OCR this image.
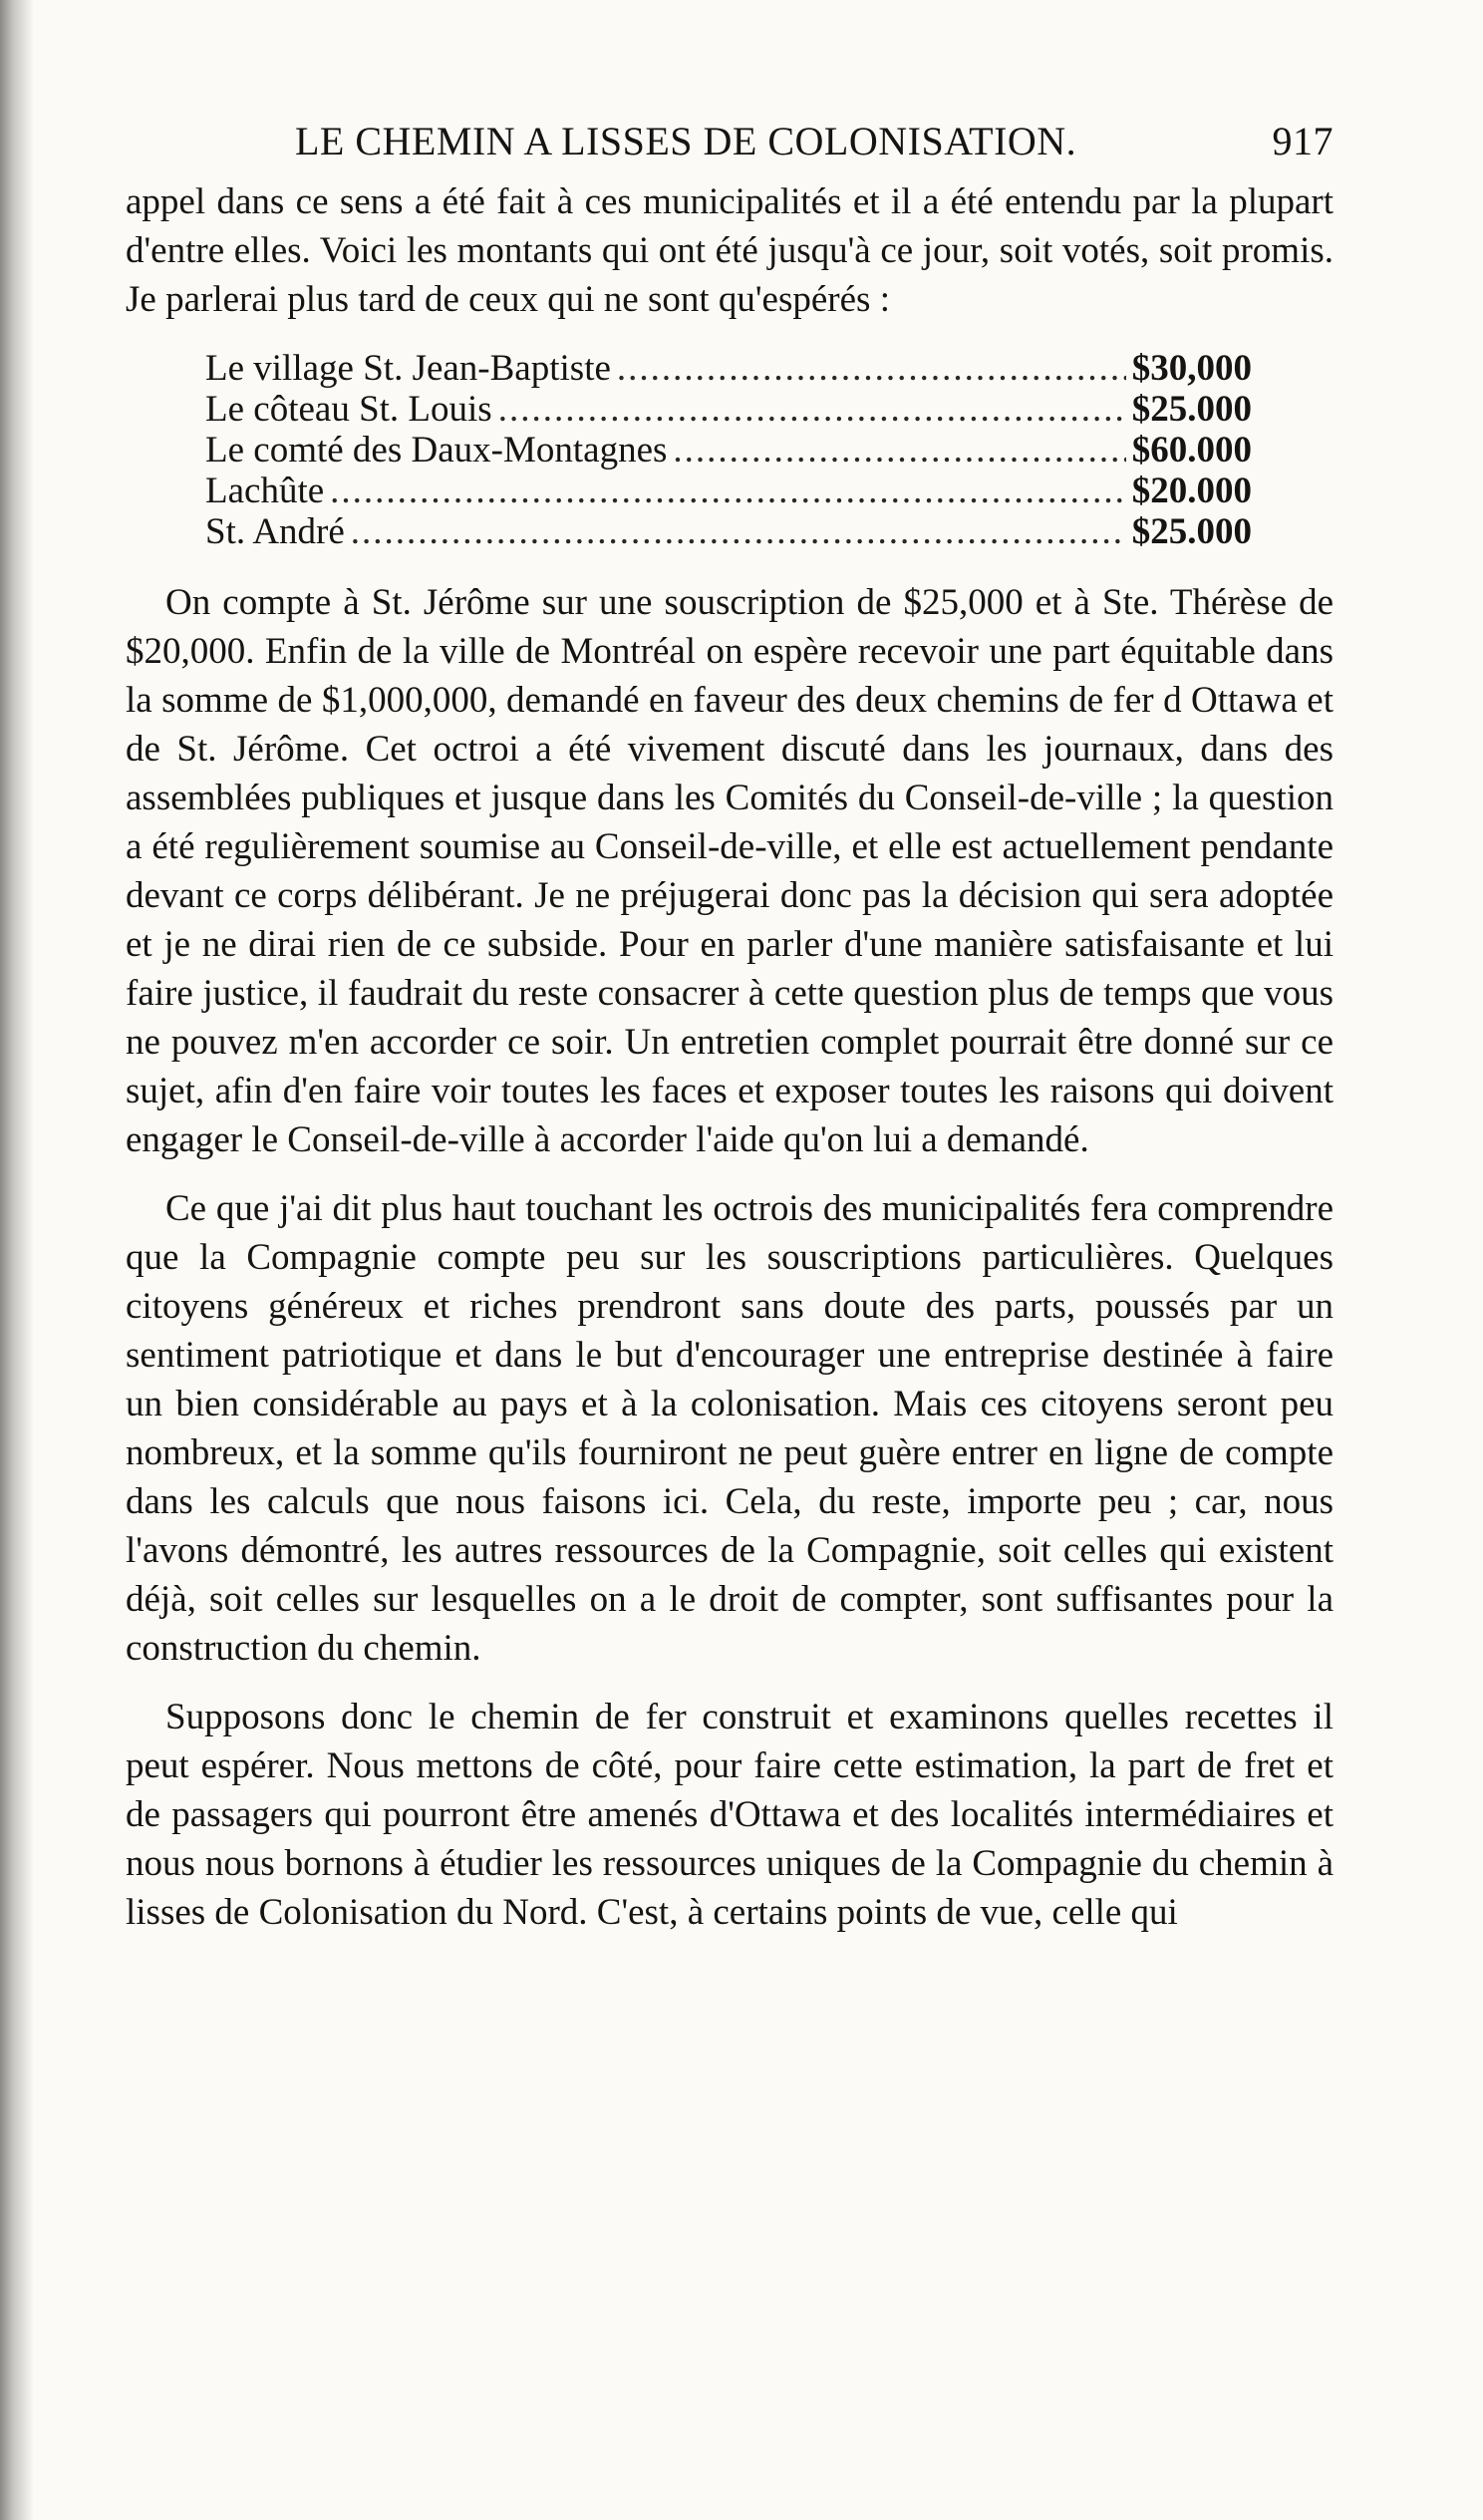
LE CHEMIN A LISSES DE COLONISATION.	917

appel dans ce sens a été fait à ces municipalités et il a été entendu par la plupart d'entre elles. Voici les montants qui ont été jusqu'à ce jour, soit votés, soit promis. Je parlerai plus tard de ceux qui ne sont qu'espérés :

Le village St. Jean-Baptiste .....	$30,000
Le côteau St. Louis .....	$25.000
Le comté des Daux-Montagnes .....	$60.000
Lachûte .....	$20.000
St. André .....	$25.000

On compte à St. Jérôme sur une souscription de $25,000 et à Ste. Thérèse de $20,000. Enfin de la ville de Montréal on espère recevoir une part équitable dans la somme de $1,000,000, demandé en faveur des deux chemins de fer d Ottawa et de St. Jérôme. Cet octroi a été vivement discuté dans les journaux, dans des assemblées publiques et jusque dans les Comités du Conseil-de-ville ; la question a été regulièrement soumise au Conseil-de-ville, et elle est actuellement pendante devant ce corps délibérant. Je ne préjugerai donc pas la décision qui sera adoptée et je ne dirai rien de ce subside. Pour en parler d'une manière satisfaisante et lui faire justice, il faudrait du reste consacrer à cette question plus de temps que vous ne pouvez m'en accorder ce soir. Un entretien complet pourrait être donné sur ce sujet, afin d'en faire voir toutes les faces et exposer toutes les raisons qui doivent engager le Conseil-de-ville à accorder l'aide qu'on lui a demandé.

Ce que j'ai dit plus haut touchant les octrois des municipalités fera comprendre que la Compagnie compte peu sur les souscriptions particulières. Quelques citoyens généreux et riches prendront sans doute des parts, poussés par un sentiment patriotique et dans le but d'encourager une entreprise destinée à faire un bien considérable au pays et à la colonisation. Mais ces citoyens seront peu nombreux, et la somme qu'ils fourniront ne peut guère entrer en ligne de compte dans les calculs que nous faisons ici. Cela, du reste, importe peu ; car, nous l'avons démontré, les autres ressources de la Compagnie, soit celles qui existent déjà, soit celles sur lesquelles on a le droit de compter, sont suffisantes pour la construction du chemin.

Supposons donc le chemin de fer construit et examinons quelles recettes il peut espérer. Nous mettons de côté, pour faire cette estimation, la part de fret et de passagers qui pourront être amenés d'Ottawa et des localités intermédiaires et nous nous bornons à étudier les ressources uniques de la Compagnie du chemin à lisses de Colonisation du Nord. C'est, à certains points de vue, celle qui
